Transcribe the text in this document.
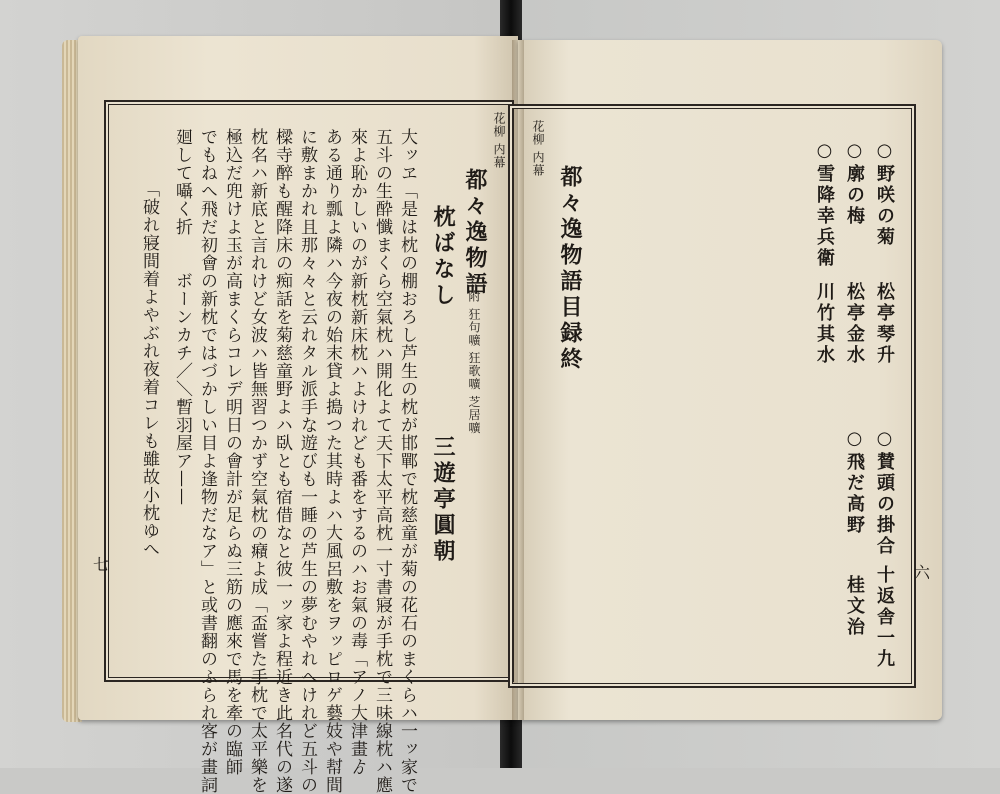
花柳 内幕
都々逸物語
附 狂句嚝 狂歌嚝 芝居嚝
枕ばなし
三遊亭圓朝
大ッヱ「是は枕の棚おろし芦生の枕が邯鄲で枕慈童が菊の花石のまくらハ一ッ家で
五斗の生酔懺まくら空氣枕ハ開化よて天下太平高枕一寸書寢が手枕で三味線枕ハ應
來よ恥かしいのが新枕新床枕ハよけれども番をするのハお氣の毒「アノ大津畫ゟ
ある通り瓢よ隣ハ今夜の始末貸よ搗つた其時よハ大風呂敷をヲッピロゲ藝妓や幇間
に敷まかれ且那々々と云れタル派手な遊びも一睡の芦生の夢むやれへけれど五斗の
樑寺醉も醒降床の痴話を菊慈童野よハ臥とも宿借なと彼一ッ家よ程近き此名代の遂
枕名ハ新底と言れけど女波ハ皆無習つかず空氣枕の癪よ成「盃嘗た手枕で太平樂を
極込だ兜けよ玉が高まくらコレデ明日の會計が足らぬ三筋の應來で馬を牽の臨師
でもねへ飛だ初會の新枕ではづかしい目よ逢物だなア」と或書翻のふられ客が畫詞
廻して囁く折　　ボーンカチ／＼暫羽屋ア——
「破れ寢間着よやぶれ夜着コレも雖故小枕ゆへ
七
花柳 内幕
都々逸物語目録終	○野咲の菊
松亭琴升
○廓の梅
松亭金水
○雪降幸兵衛
川竹其水
○賛頭の掛合
十返舎一九
○飛だ高野
桂文治
六
